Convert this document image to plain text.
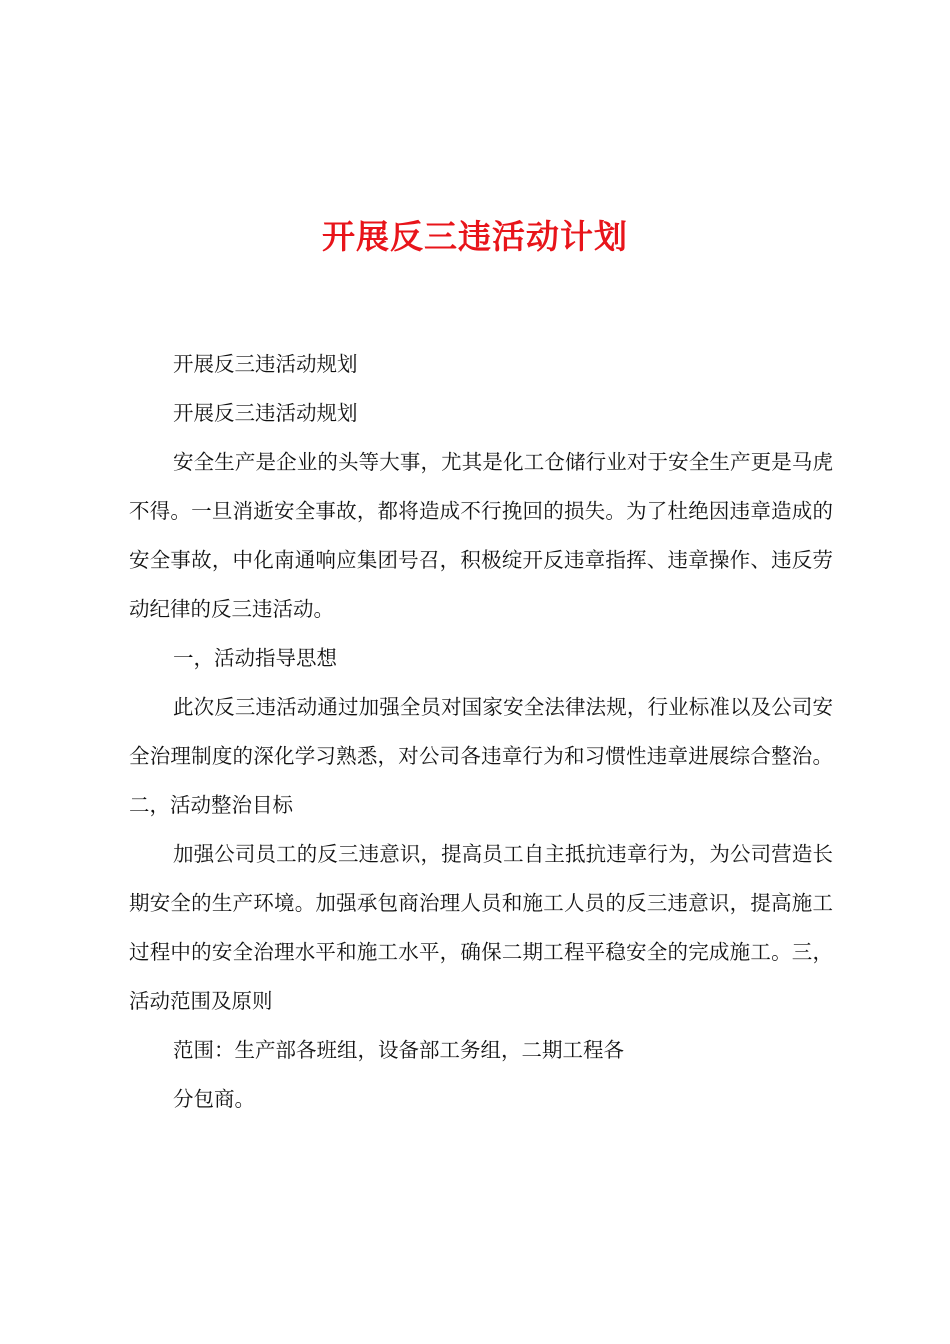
开展反三违活动计划

开展反三违活动规划

开展反三违活动规划

安全生产是企业的头等大事，尤其是化工仓储行业对于安全生产更是马虎不得。一旦消逝安全事故，都将造成不行挽回的损失。为了杜绝因违章造成的安全事故，中化南通响应集团号召，积极绽开反违章指挥、违章操作、违反劳动纪律的反三违活动。

一，活动指导思想

此次反三违活动通过加强全员对国家安全法律法规，行业标准以及公司安全治理制度的深化学习熟悉，对公司各违章行为和习惯性违章进展综合整治。二，活动整治目标

加强公司员工的反三违意识，提高员工自主抵抗违章行为，为公司营造长期安全的生产环境。加强承包商治理人员和施工人员的反三违意识，提高施工过程中的安全治理水平和施工水平，确保二期工程平稳安全的完成施工。三，活动范围及原则

范围：生产部各班组，设备部工务组，二期工程各

分包商。
